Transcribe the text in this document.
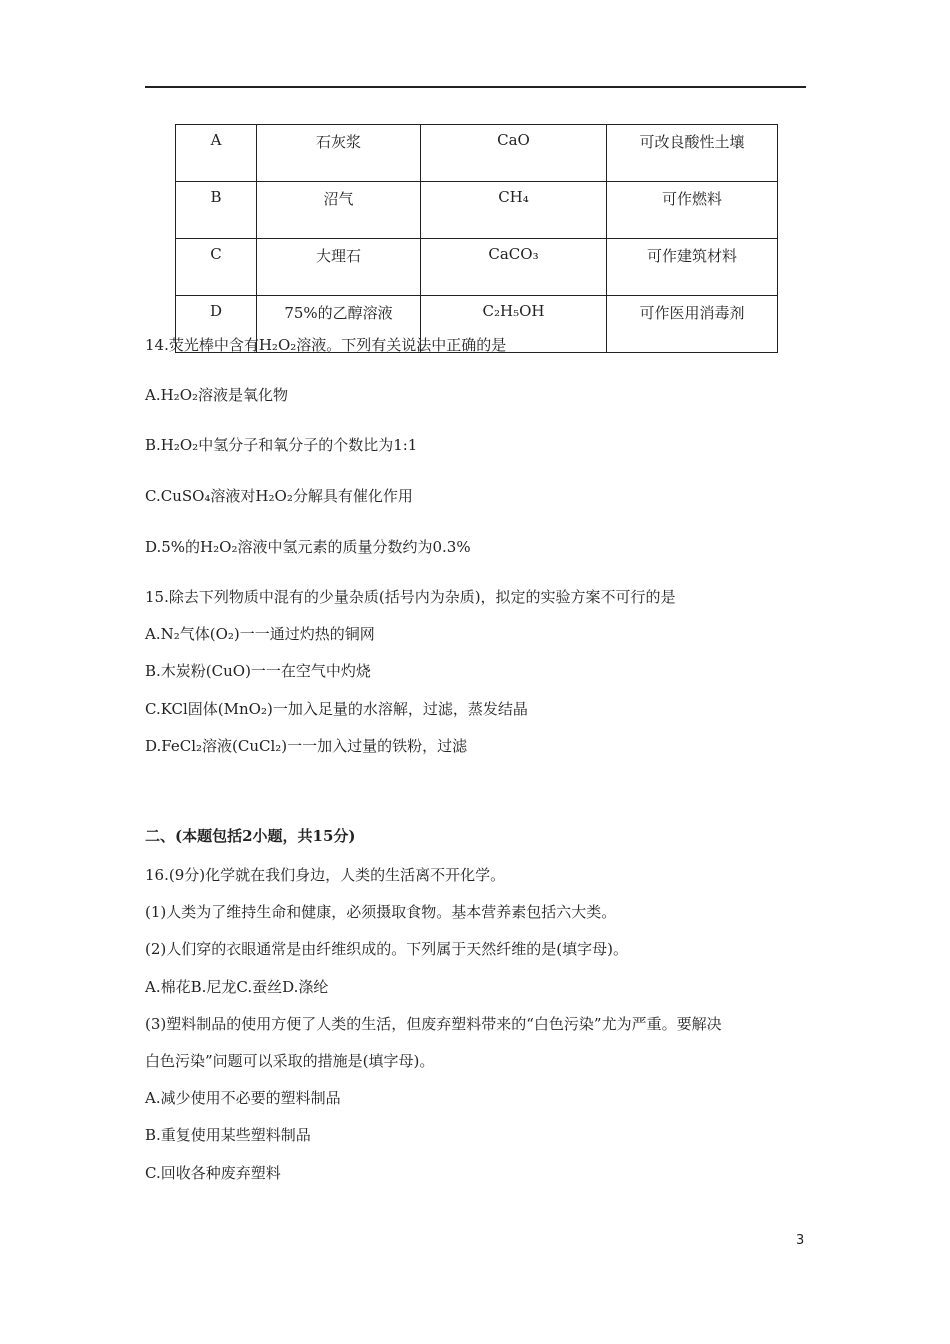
A	石灰浆	CaO	可改良酸性土壤
B	沼气	CH₄	可作燃料
C	大理石	CaCO₃	可作建筑材料
D	75%的乙醇溶液	C₂H₅OH	可作医用消毒剂
14.荧光棒中含有H₂O₂溶液。下列有关说法中正确的是
A.H₂O₂溶液是氧化物
B.H₂O₂中氢分子和氧分子的个数比为1:1
C.CuSO₄溶液对H₂O₂分解具有催化作用
D.5%的H₂O₂溶液中氢元素的质量分数约为0.3%
15.除去下列物质中混有的少量杂质(括号内为杂质)，拟定的实验方案不可行的是
A.N₂气体(O₂)一一通过灼热的铜网
B.木炭粉(CuO)一一在空气中灼烧
C.KCl固体(MnO₂)一加入足量的水溶解，过滤，蒸发结晶
D.FeCl₂溶液(CuCl₂)一一加入过量的铁粉，过滤
二、(本题包括2小题，共15分)
16.(9分)化学就在我们身边，人类的生活离不开化学。
(1)人类为了维持生命和健康，必须摄取食物。基本营养素包括六大类。
(2)人们穿的衣眼通常是由纤维织成的。下列属于天然纤维的是(填字母)。
A.棉花B.尼龙C.蚕丝D.涤纶
(3)塑料制品的使用方便了人类的生活，但废弃塑料带来的“白色污染”尤为严重。要解决
白色污染”问题可以采取的措施是(填字母)。
A.减少使用不必要的塑料制品
B.重复使用某些塑料制品
C.回收各种废弃塑料
3
